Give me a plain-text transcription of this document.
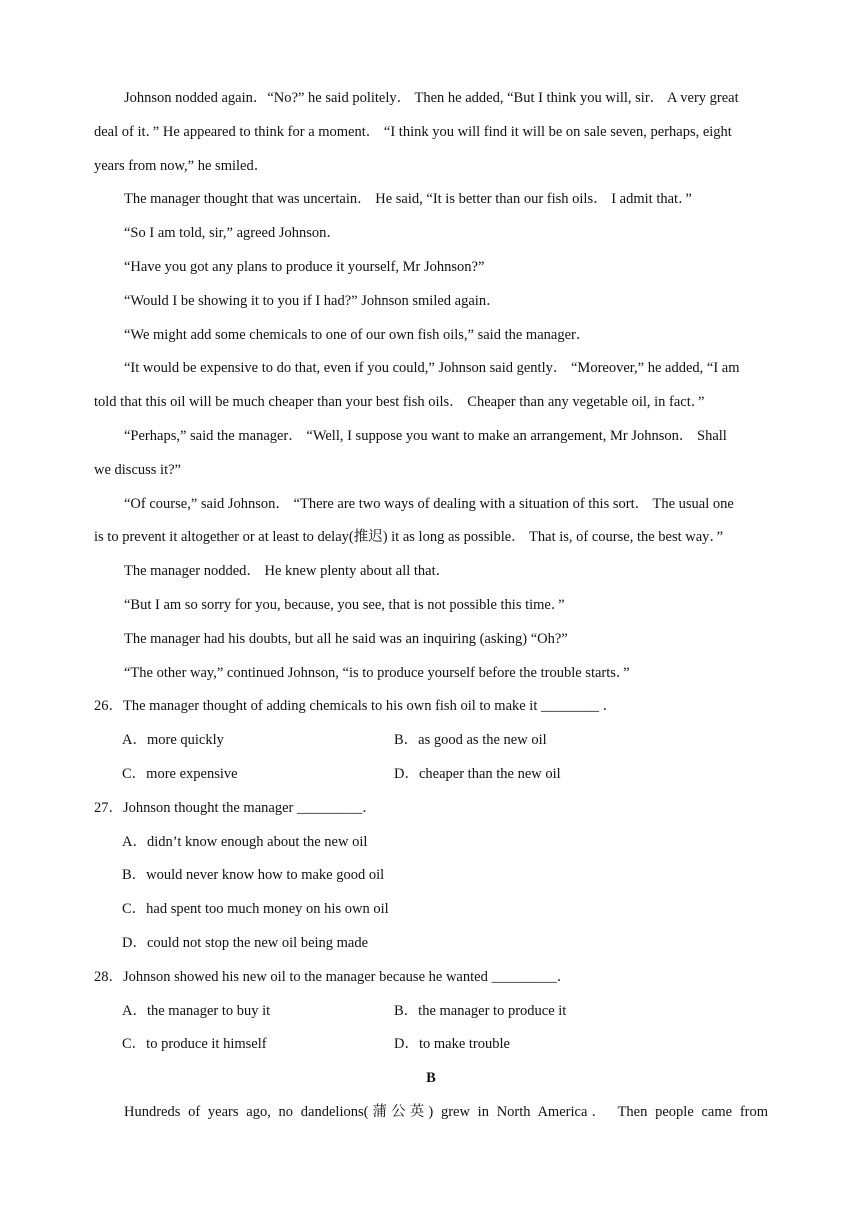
Johnson nodded again．“No?” he said politely． Then he added, “But I think you will, sir． A very great
deal of it．” He appeared to think for a moment． “I think you will find it will be on sale seven, perhaps, eight
years from now,” he smiled．
The manager thought that was uncertain． He said, “It is better than our fish oils． I admit that．”
“So I am told, sir,” agreed Johnson．
“Have you got any plans to produce it yourself, Mr Johnson?”
“Would I be showing it to you if I had?” Johnson smiled again．
“We might add some chemicals to one of our own fish oils,” said the manager．
“It would be expensive to do that, even if you could,” Johnson said gently． “Moreover,” he added, “I am
told that this oil will be much cheaper than your best fish oils． Cheaper than any vegetable oil, in fact．”
“Perhaps,” said the manager． “Well, I suppose you want to make an arrangement, Mr Johnson． Shall
we discuss it?”
“Of course,” said Johnson． “There are two ways of dealing with a situation of this sort． The usual one
is to prevent it altogether or at least to delay(推迟) it as long as possible． That is, of course, the best way．”
The manager nodded． He knew plenty about all that．
“But I am so sorry for you, because, you see, that is not possible this time．”
The manager had his doubts, but all he said was an inquiring (asking) “Oh?”
“The other way,” continued Johnson, “is to produce yourself before the trouble starts．”
26．The manager thought of adding chemicals to his own fish oil to make it ________ ．
A．more quickly	B．as good as the new oil
C．more expensive	D．cheaper than the new oil
27．Johnson thought the manager _________．
A．didn’t know enough about the new oil
B．would never know how to make good oil
C．had spent too much money on his own oil
D．could not stop the new oil being made
28．Johnson showed his new oil to the manager because he wanted _________．
A．the manager to buy it	B．the manager to produce it
C．to produce it himself	D．to make trouble
B
Hundreds of years ago, no dandelions(蒲公英) grew in North America． Then people came from
